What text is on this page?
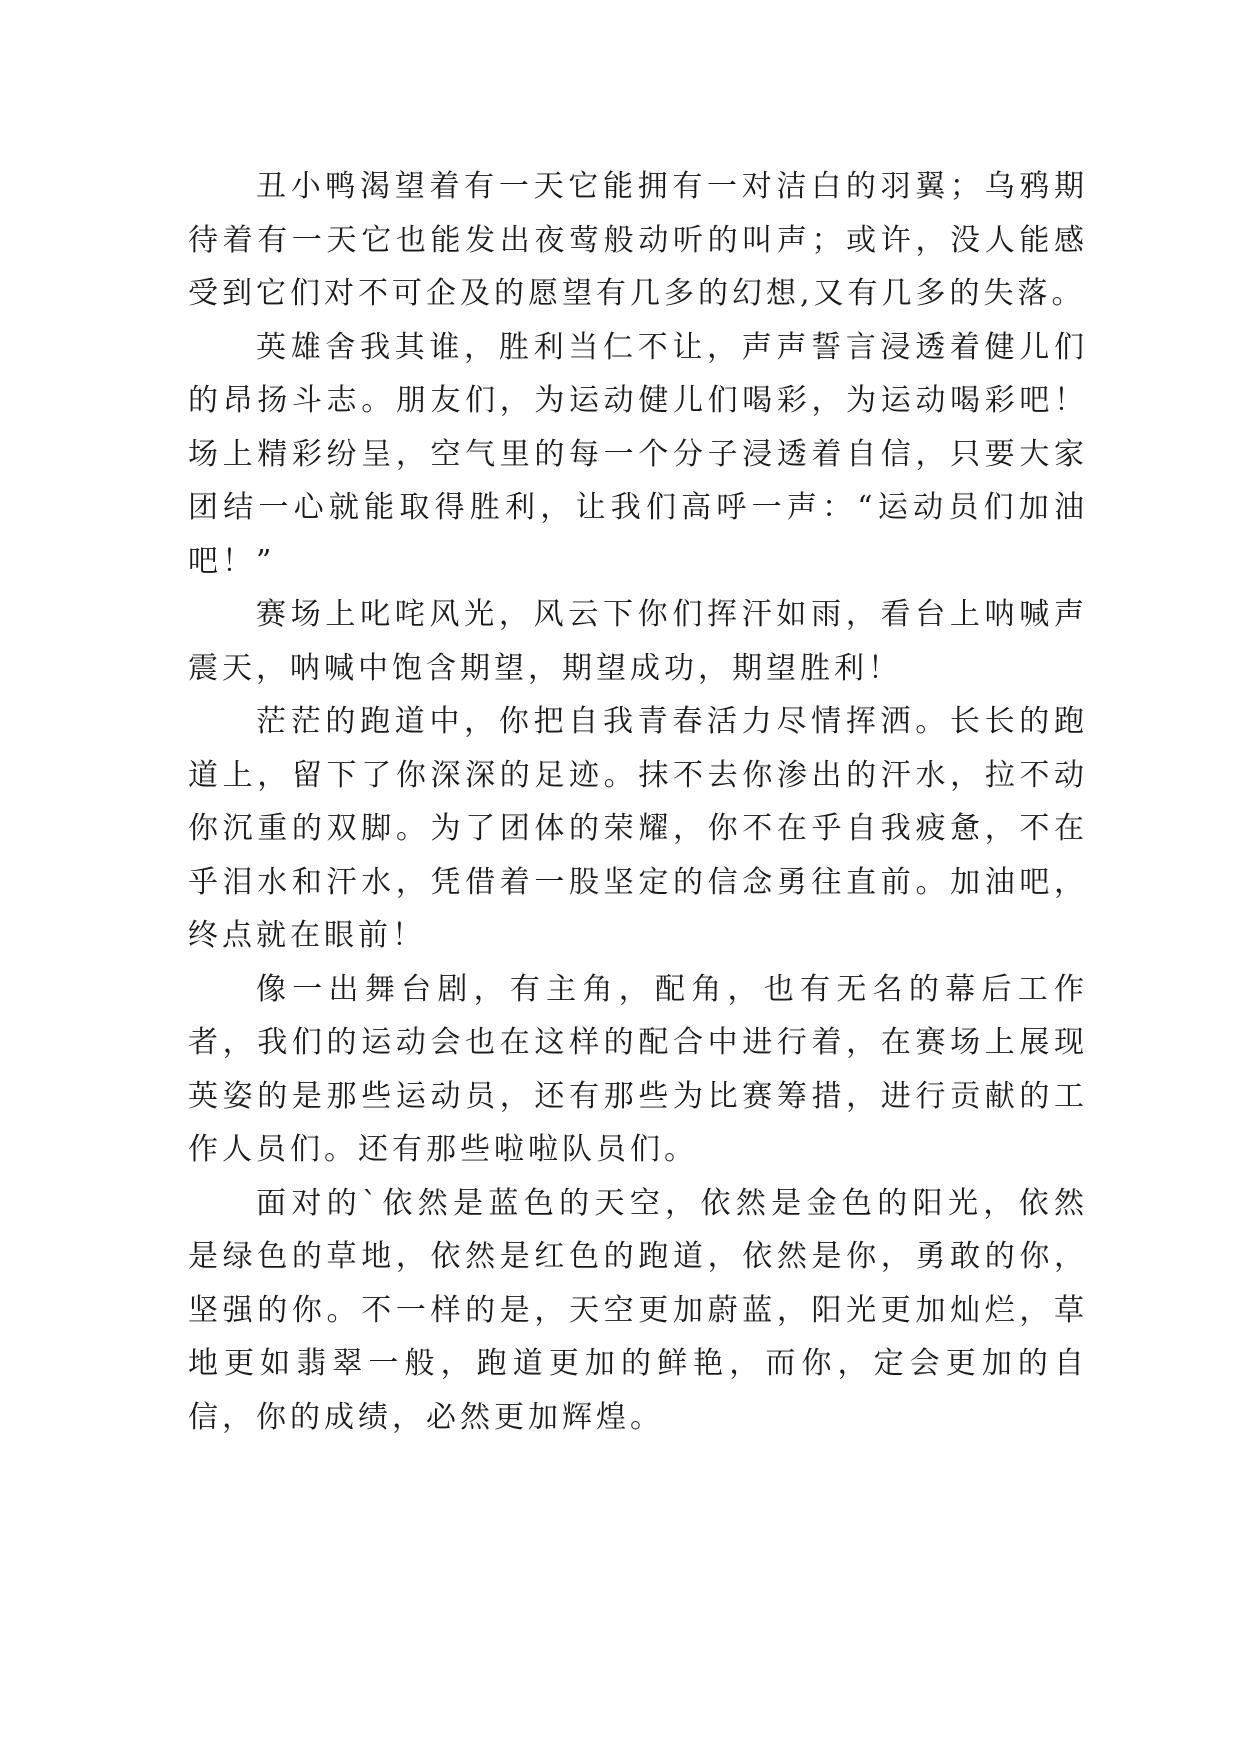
丑小鸭渴望着有一天它能拥有一对洁白的羽翼；乌鸦期待着有一天它也能发出夜莺般动听的叫声；或许，没人能感受到它们对不可企及的愿望有几多的幻想,又有几多的失落。

英雄舍我其谁，胜利当仁不让，声声誓言浸透着健儿们的昂扬斗志。朋友们，为运动健儿们喝彩，为运动喝彩吧！场上精彩纷呈，空气里的每一个分子浸透着自信，只要大家团结一心就能取得胜利，让我们高呼一声：“运动员们加油吧！”

赛场上叱咤风光，风云下你们挥汗如雨，看台上呐喊声震天，呐喊中饱含期望，期望成功，期望胜利！

茫茫的跑道中，你把自我青春活力尽情挥洒。长长的跑道上，留下了你深深的足迹。抹不去你渗出的汗水，拉不动你沉重的双脚。为了团体的荣耀，你不在乎自我疲惫，不在乎泪水和汗水，凭借着一股坚定的信念勇往直前。加油吧，终点就在眼前！

像一出舞台剧，有主角，配角，也有无名的幕后工作者，我们的运动会也在这样的配合中进行着，在赛场上展现英姿的是那些运动员，还有那些为比赛筹措，进行贡献的工作人员们。还有那些啦啦队员们。

面对的`依然是蓝色的天空，依然是金色的阳光，依然是绿色的草地，依然是红色的跑道，依然是你，勇敢的你，坚强的你。不一样的是，天空更加蔚蓝，阳光更加灿烂，草地更如翡翠一般，跑道更加的鲜艳，而你，定会更加的自信，你的成绩，必然更加辉煌。
